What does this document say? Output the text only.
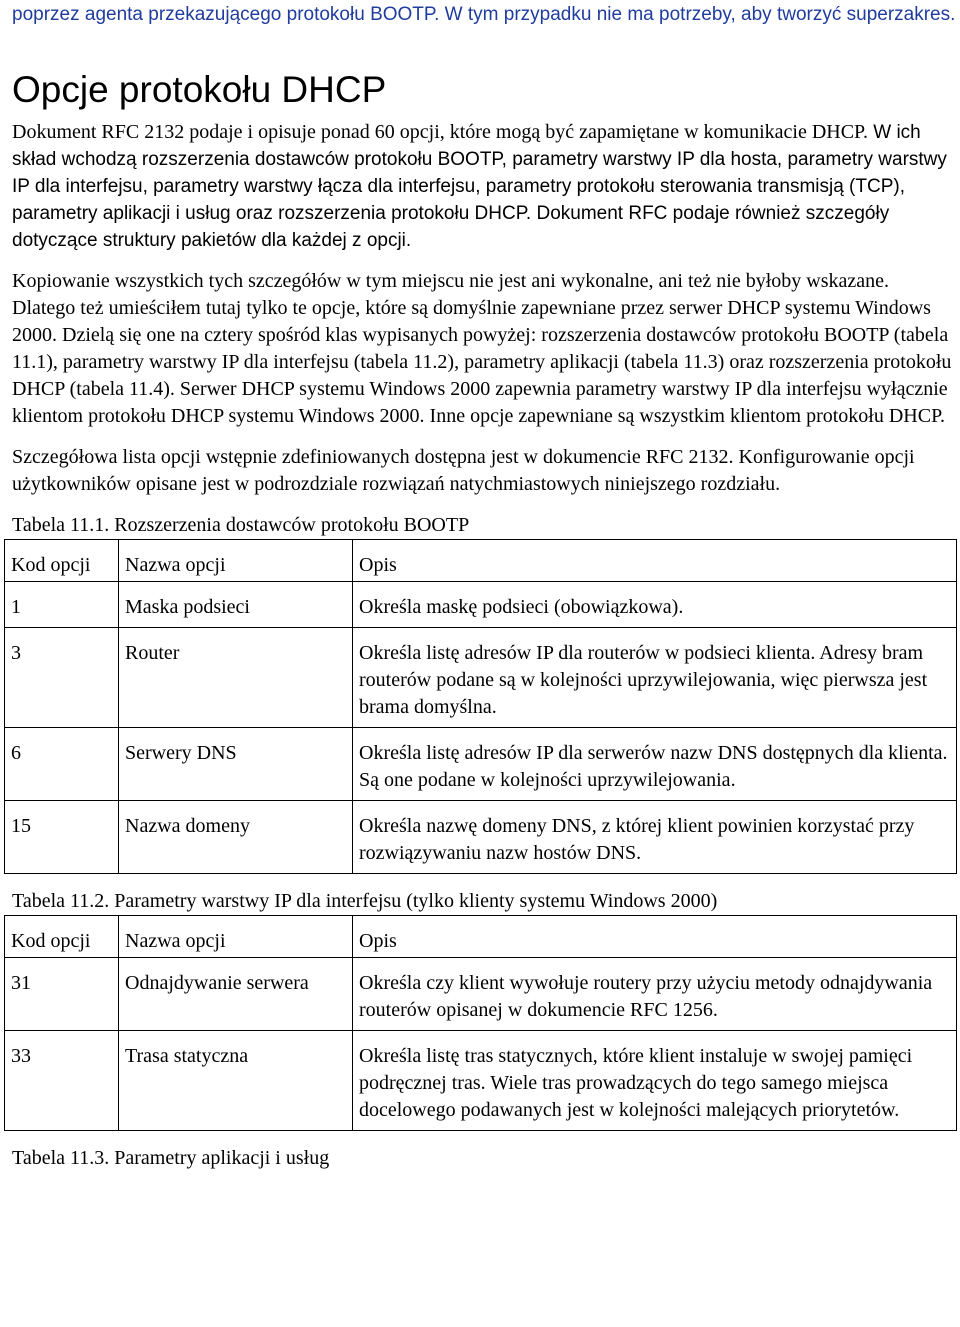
poprzez agenta przekazującego protokołu BOOTP. W tym przypadku nie ma potrzeby, aby tworzyć superzakres.
Opcje protokołu DHCP
Dokument RFC 2132 podaje i opisuje ponad 60 opcji, które mogą być zapamiętane w komunikacie DHCP. W ich skład wchodzą rozszerzenia dostawców protokołu BOOTP, parametry warstwy IP dla hosta, parametry warstwy IP dla interfejsu, parametry warstwy łącza dla interfejsu, parametry protokołu sterowania transmisją (TCP), parametry aplikacji i usług oraz rozszerzenia protokołu DHCP. Dokument RFC podaje również szczegóły dotyczące struktury pakietów dla każdej z opcji.
Kopiowanie wszystkich tych szczegółów w tym miejscu nie jest ani wykonalne, ani też nie byłoby wskazane. Dlatego też umieściłem tutaj tylko te opcje, które są domyślnie zapewniane przez serwer DHCP systemu Windows 2000. Dzielą się one na cztery spośród klas wypisanych powyżej: rozszerzenia dostawców protokołu BOOTP (tabela 11.1), parametry warstwy IP dla interfejsu (tabela 11.2), parametry aplikacji (tabela 11.3) oraz rozszerzenia protokołu DHCP (tabela 11.4). Serwer DHCP systemu Windows 2000 zapewnia parametry warstwy IP dla interfejsu wyłącznie klientom protokołu DHCP systemu Windows 2000. Inne opcje zapewniane są wszystkim klientom protokołu DHCP.
Szczegółowa lista opcji wstępnie zdefiniowanych dostępna jest w dokumencie RFC 2132. Konfigurowanie opcji użytkowników opisane jest w podrozdziale rozwiązań natychmiastowych niniejszego rozdziału.
Tabela 11.1. Rozszerzenia dostawców protokołu BOOTP
Kod opcji	Nazwa opcji	Opis
1	Maska podsieci	Określa maskę podsieci (obowiązkowa).
3	Router	Określa listę adresów IP dla routerów w podsieci klienta. Adresy bram routerów podane są w kolejności uprzywilejowania, więc pierwsza jest brama domyślna.
6	Serwery DNS	Określa listę adresów IP dla serwerów nazw DNS dostępnych dla klienta. Są one podane w kolejności uprzywilejowania.
15	Nazwa domeny	Określa nazwę domeny DNS, z której klient powinien korzystać przy rozwiązywaniu nazw hostów DNS.
Tabela 11.2. Parametry warstwy IP dla interfejsu (tylko klienty systemu Windows 2000)
Kod opcji	Nazwa opcji	Opis
31	Odnajdywanie serwera	Określa czy klient wywołuje routery przy użyciu metody odnajdywania routerów opisanej w dokumencie RFC 1256.
33	Trasa statyczna	Określa listę tras statycznych, które klient instaluje w swojej pamięci podręcznej tras. Wiele tras prowadzących do tego samego miejsca docelowego podawanych jest w kolejności malejących priorytetów.
Tabela 11.3. Parametry aplikacji i usług
